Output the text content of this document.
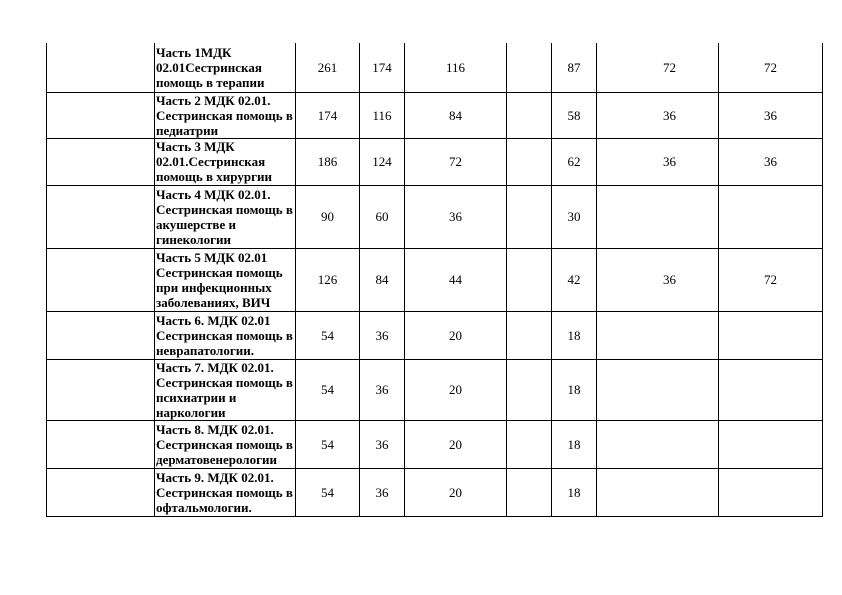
	Часть 1МДК 02.01Сестринская помощь в терапии	261	174	116		87	72	72
	Часть 2 МДК 02.01. Сестринская помощь в педиатрии	174	116	84		58	36	36
	Часть 3 МДК 02.01.Сестринская помощь в хирургии	186	124	72		62	36	36
	Часть 4 МДК 02.01. Сестринская помощь в акушерстве и гинекологии	90	60	36		30		
	Часть 5 МДК 02.01 Сестринская помощь при инфекционных заболеваниях, ВИЧ	126	84	44		42	36	72
	Часть 6. МДК 02.01 Сестринская помощь в неврапатологии.	54	36	20		18		
	Часть 7. МДК 02.01. Сестринская помощь в психиатрии и наркологии	54	36	20		18		
	Часть 8. МДК 02.01. Сестринская помощь в дерматовенерологии	54	36	20		18		
	Часть 9. МДК 02.01. Сестринская помощь в офтальмологии.	54	36	20		18		
